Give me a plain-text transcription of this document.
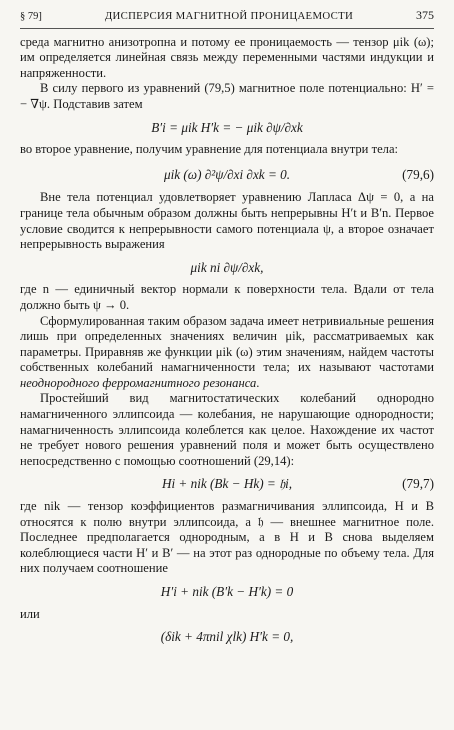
§ 79]	ДИСПЕРСИЯ МАГНИТНОЙ ПРОНИЦАЕМОСТИ	375

среда магнитно анизотропна и потому ее проницаемость — тензор μik (ω); им определяется линейная связь между переменными частями индукции и напряженности.

В силу первого из уравнений (79,5) магнитное поле потенциально: H′ = − ∇ψ. Подставив затем

B′i = μik H′k = − μik ∂ψ/∂xk

во второе уравнение, получим уравнение для потенциала внутри тела:

μik (ω) ∂²ψ/∂xi ∂xk = 0.	(79,6)

Вне тела потенциал удовлетворяет уравнению Лапласа Δψ = 0, а на границе тела обычным образом должны быть непрерывны H′t и B′n. Первое условие сводится к непрерывности самого потенциала ψ, а второе означает непрерывность выражения

μik ni ∂ψ/∂xk,

где n — единичный вектор нормали к поверхности тела. Вдали от тела должно быть ψ → 0.

Сформулированная таким образом задача имеет нетривиальные решения лишь при определенных значениях величин μik, рассматриваемых как параметры. Приравняв же функции μik (ω) этим значениям, найдем частоты собственных колебаний намагниченности тела; их называют частотами неоднородного ферромагнитного резонанса.

Простейший вид магнитостатических колебаний однородно намагниченного эллипсоида — колебания, не нарушающие однородности; намагниченность эллипсоида колеблется как целое. Нахождение их частот не требует нового решения уравнений поля и может быть осуществлено непосредственно с помощью соотношений (29,14):

Hi + nik (Bk − Hk) = 𝔥i,	(79,7)

где nik — тензор коэффициентов размагничивания эллипсоида, H и B относятся к полю внутри эллипсоида, а 𝔥 — внешнее магнитное поле. Последнее предполагается однородным, а в H и B снова выделяем колеблющиеся части H′ и B′ — на этот раз однородные по объему тела. Для них получаем соотношение

H′i + nik (B′k − H′k) = 0

или

(δik + 4πnil χlk) H′k = 0,
